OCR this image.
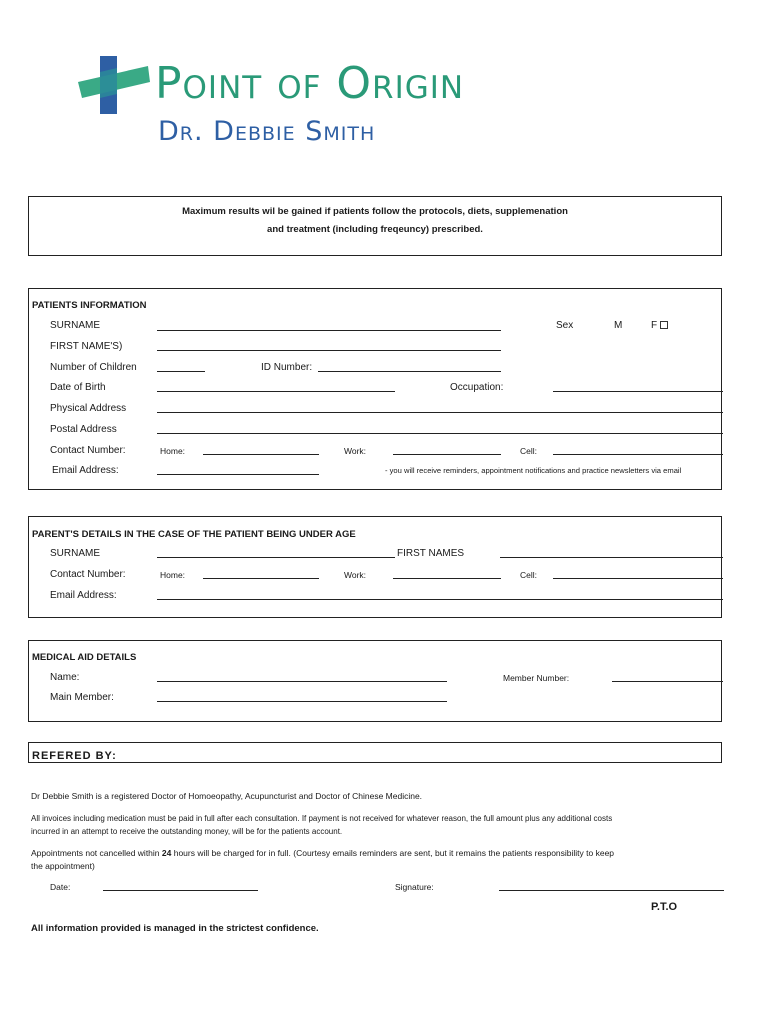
Point of Origin
Dr. Debbie Smith
Maximum results wil be gained if patients follow the protocols, diets, supplemenation
and treatment (including freqeuncy) prescribed.
PATIENTS INFORMATION
SURNAME	Sex	M	F
FIRST NAME'S)
Number of Children	ID Number:
Date of Birth	Occupation:
Physical Address
Postal Address
Contact Number:	Home:	Work:	Cell:
Email Address:	- you will receive reminders, appointment notifications and practice newsletters via email
PARENT'S DETAILS IN THE CASE OF THE PATIENT BEING UNDER AGE
SURNAME	FIRST NAMES
Contact Number:	Home:	Work:	Cell:
Email Address:
MEDICAL AID DETAILS
Name:	Member Number:
Main Member:
REFERED BY:
Dr Debbie Smith is a registered Doctor of Homoeopathy, Acupuncturist and Doctor of Chinese Medicine.
All invoices including medication must be paid in full after each consultation. If payment is not received for whatever reason, the full amount plus any additional costs
incurred in an attempt to receive the outstanding money, will be for the patients account.
Appointments not cancelled within 24 hours will be charged for in full. (Courtesy emails reminders are sent, but it remains the patients responsibility to keep
the appointment)
Date:	Signature:
P.T.O
All information provided is managed in the strictest confidence.
